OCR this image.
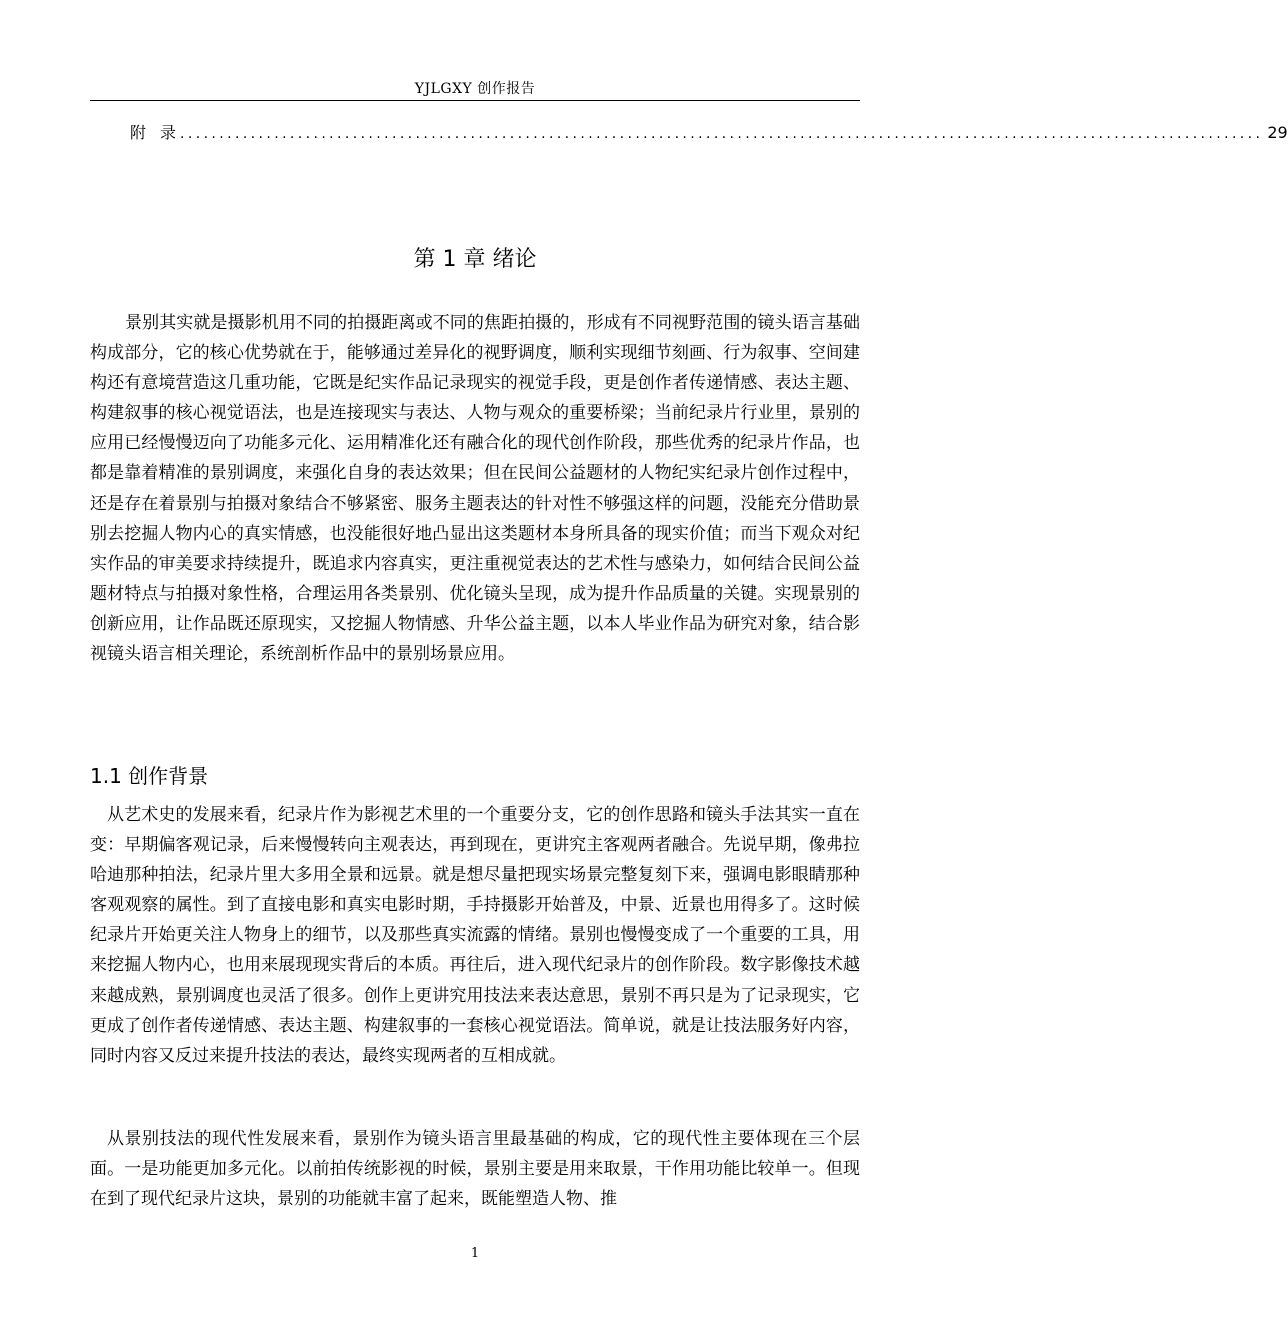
YJLGXY 创作报告
附录
.......................................................................................................................................... 29
第 1 章 绪论

景别其实就是摄影机用不同的拍摄距离或不同的焦距拍摄的，形成有不同视野范围的镜头语言基础构成部分，它的核心优势就在于，能够通过差异化的视野调度，顺利实现细节刻画、行为叙事、空间建构还有意境营造这几重功能，它既是纪实作品记录现实的视觉手段，更是创作者传递情感、表达主题、构建叙事的核心视觉语法，也是连接现实与表达、人物与观众的重要桥梁；当前纪录片行业里，景别的应用已经慢慢迈向了功能多元化、运用精准化还有融合化的现代创作阶段，那些优秀的纪录片作品，也都是靠着精准的景别调度，来强化自身的表达效果；但在民间公益题材的人物纪实纪录片创作过程中，还是存在着景别与拍摄对象结合不够紧密、服务主题表达的针对性不够强这样的问题，没能充分借助景别去挖掘人物内心的真实情感，也没能很好地凸显出这类题材本身所具备的现实价值；而当下观众对纪实作品的审美要求持续提升，既追求内容真实，更注重视觉表达的艺术性与感染力，如何结合民间公益题材特点与拍摄对象性格，合理运用各类景别、优化镜头呈现，成为提升作品质量的关键。实现景别的创新应用，让作品既还原现实，又挖掘人物情感、升华公益主题，以本人毕业作品为研究对象，结合影视镜头语言相关理论，系统剖析作品中的景别场景应用。

1.1 创作背景

从艺术史的发展来看，纪录片作为影视艺术里的一个重要分支，它的创作思路和镜头手法其实一直在变：早期偏客观记录，后来慢慢转向主观表达，再到现在，更讲究主客观两者融合。先说早期，像弗拉哈迪那种拍法，纪录片里大多用全景和远景。就是想尽量把现实场景完整复刻下来，强调电影眼睛那种客观观察的属性。到了直接电影和真实电影时期，手持摄影开始普及，中景、近景也用得多了。这时候纪录片开始更关注人物身上的细节，以及那些真实流露的情绪。景别也慢慢变成了一个重要的工具，用来挖掘人物内心，也用来展现现实背后的本质。再往后，进入现代纪录片的创作阶段。数字影像技术越来越成熟，景别调度也灵活了很多。创作上更讲究用技法来表达意思，景别不再只是为了记录现实，它更成了创作者传递情感、表达主题、构建叙事的一套核心视觉语法。简单说，就是让技法服务好内容，同时内容又反过来提升技法的表达，最终实现两者的互相成就。

从景别技法的现代性发展来看，景别作为镜头语言里最基础的构成，它的现代性主要体现在三个层面。一是功能更加多元化。以前拍传统影视的时候，景别主要是用来取景，干作用功能比较单一。但现在到了现代纪录片这块，景别的功能就丰富了起来，既能塑造人物、推

1
